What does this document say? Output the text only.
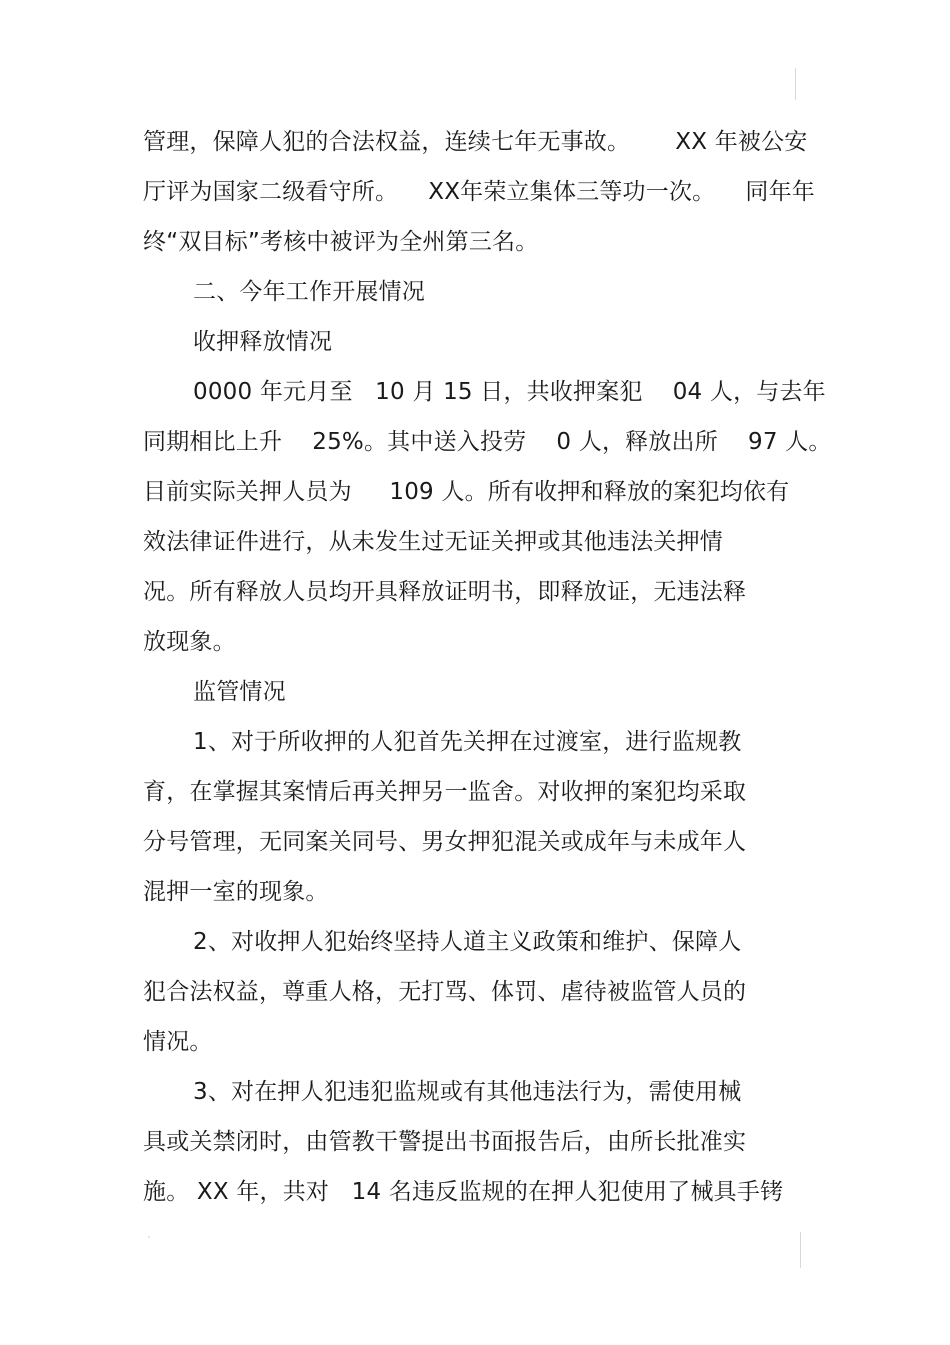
管理，保障人犯的合法权益，连续七年无事故。      XX 年被公安
厅评为国家二级看守所。    XX年荣立集体三等功一次。    同年年
终“双目标”考核中被评为全州第三名。
二、今年工作开展情况
收押释放情况
0000 年元月至   10 月 15 日，共收押案犯    04 人，与去年
同期相比上升    25%。其中送入投劳    0 人，释放出所    97 人。
目前实际关押人员为     109 人。所有收押和释放的案犯均依有
效法律证件进行，从未发生过无证关押或其他违法关押情
况。所有释放人员均开具释放证明书，即释放证，无违法释
放现象。
监管情况
1、对于所收押的人犯首先关押在过渡室，进行监规教
育，在掌握其案情后再关押另一监舍。对收押的案犯均采取
分号管理，无同案关同号、男女押犯混关或成年与未成年人
混押一室的现象。
2、对收押人犯始终坚持人道主义政策和维护、保障人
犯合法权益，尊重人格，无打骂、体罚、虐待被监管人员的
情况。
3、对在押人犯违犯监规或有其他违法行为，需使用械
具或关禁闭时，由管教干警提出书面报告后，由所长批准实
施。 XX 年，共对   14 名违反监规的在押人犯使用了械具手铐
